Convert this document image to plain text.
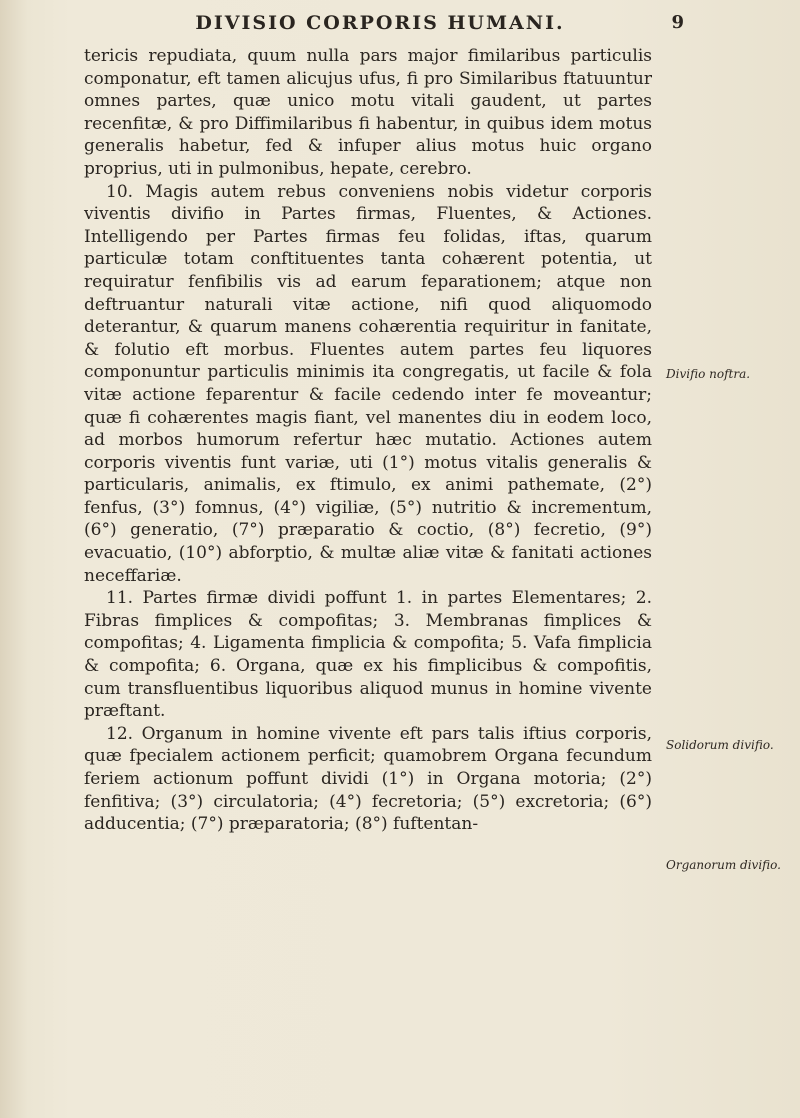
DIVISIO CORPORIS HUMANI.	9

tericis repudiata, quum nulla pars major fimilaribus particulis componatur, eft tamen alicujus ufus, fi pro Similaribus ftatuuntur omnes partes, quæ unico motu vitali gaudent, ut partes recenfitæ, & pro Diffimilaribus fi habentur, in quibus idem motus generalis habetur, fed & infuper alius motus huic organo proprius, uti in pulmonibus, hepate, cerebro.

10. Magis autem rebus conveniens nobis videtur corporis viventis divifio in Partes firmas, Fluentes, & Actiones. Intelligendo per Partes firmas feu folidas, iftas, quarum particulæ totam conftituentes tanta cohærent potentia, ut requiratur fenfibilis vis ad earum feparationem; atque non deftruantur naturali vitæ actione, nifi quod aliquomodo deterantur, & quarum manens cohærentia requiritur in fanitate, & folutio eft morbus. Fluentes autem partes feu liquores componuntur particulis minimis ita congregatis, ut facile & fola vitæ actione feparentur & facile cedendo inter fe moveantur; quæ fi cohærentes magis fiant, vel manentes diu in eodem loco, ad morbos humorum refertur hæc mutatio. Actiones autem corporis viventis funt variæ, uti (1°) motus vitalis generalis & particularis, animalis, ex ftimulo, ex animi pathemate, (2°) fenfus, (3°) fomnus, (4°) vigiliæ, (5°) nutritio & incrementum, (6°) generatio, (7°) præparatio & coctio, (8°) fecretio, (9°) evacuatio, (10°) abforptio, & multæ aliæ vitæ & fanitati actiones neceffariæ.

11. Partes firmæ dividi poffunt 1. in partes Elementares; 2. Fibras fimplices & compofitas; 3. Membranas fimplices & compofitas; 4. Ligamenta fimplicia & compofita; 5. Vafa fimplicia & compofita; 6. Organa, quæ ex his fimplicibus & compofitis, cum transfluentibus liquoribus aliquod munus in homine vivente præftant.

12. Organum in homine vivente eft pars talis iftius corporis, quæ fpecialem actionem perficit; quamobrem Organa fecundum feriem actionum poffunt dividi (1°) in Organa motoria; (2°) fenfitiva; (3°) circulatoria; (4°) fecretoria; (5°) excretoria; (6°) adducentia; (7°) præparatoria; (8°) fuftentan-

Divifio noftra.
Solidorum divifio.
Organorum divifio.
